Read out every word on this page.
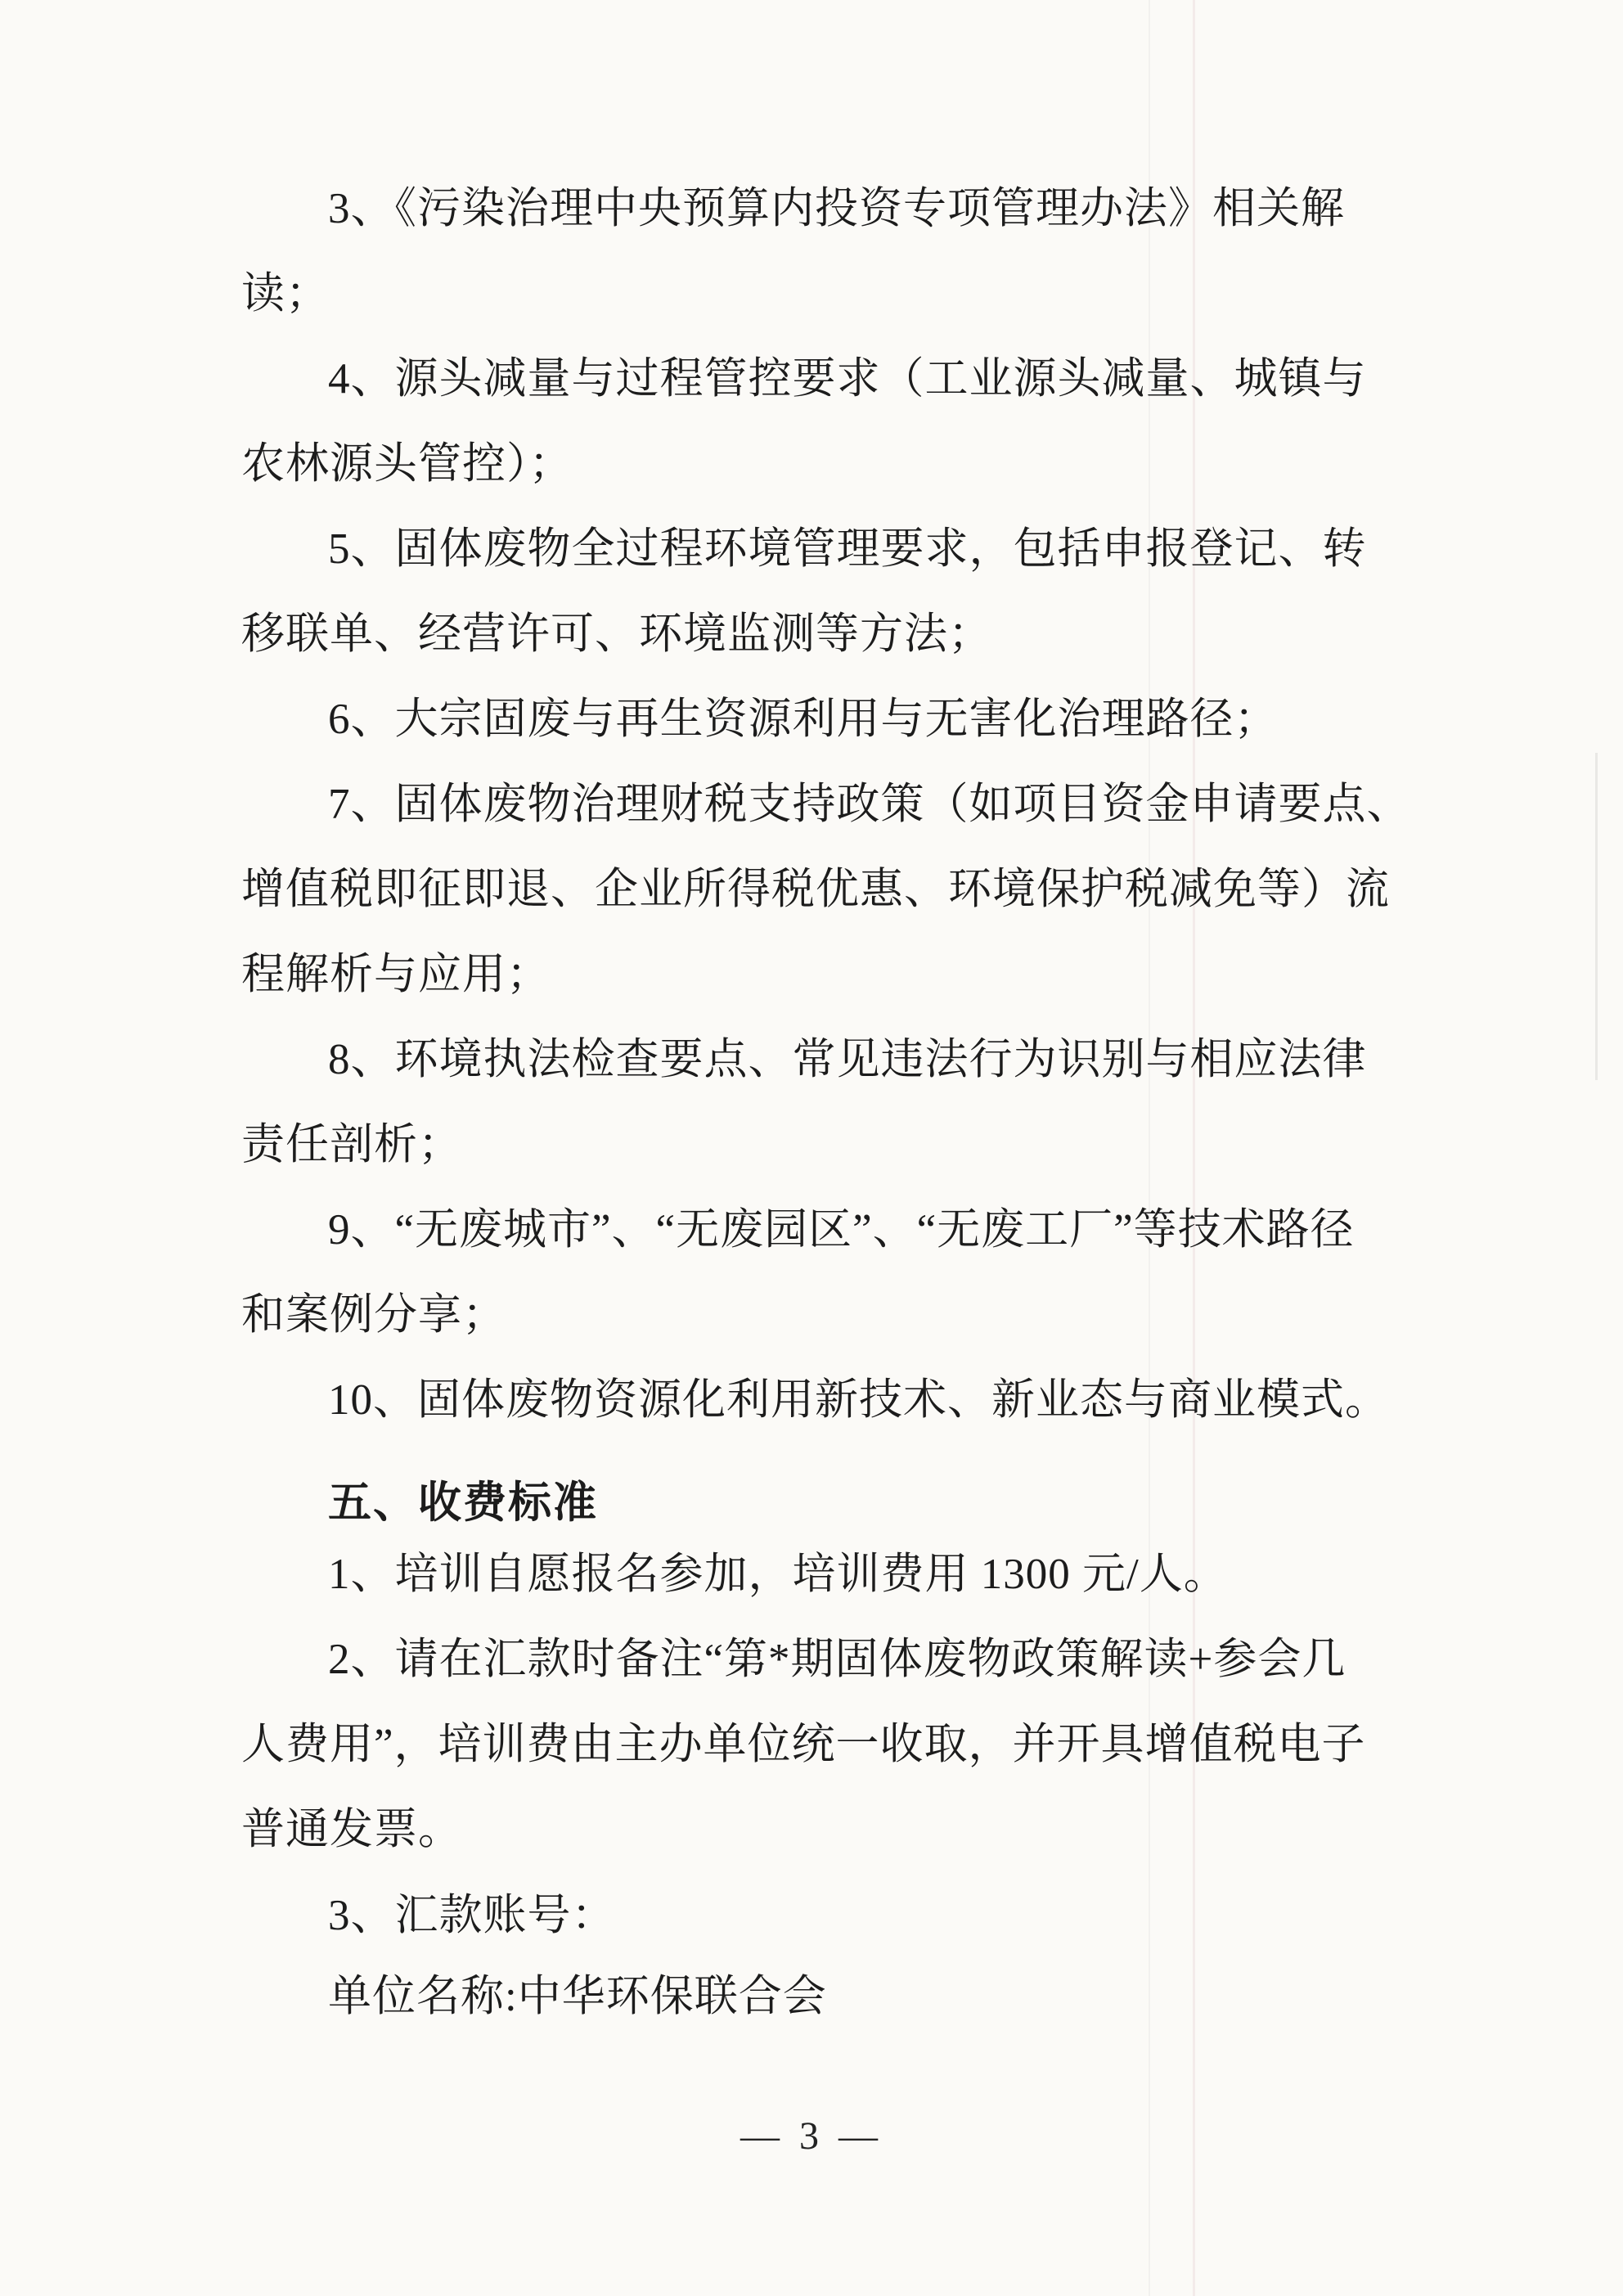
3、《污染治理中央预算内投资专项管理办法》相关解
读；
4、源头减量与过程管控要求（工业源头减量、城镇与
农林源头管控）；
5、固体废物全过程环境管理要求，包括申报登记、转
移联单、经营许可、环境监测等方法；
6、大宗固废与再生资源利用与无害化治理路径；
7、固体废物治理财税支持政策（如项目资金申请要点、
增值税即征即退、企业所得税优惠、环境保护税减免等）流
程解析与应用；
8、环境执法检查要点、常见违法行为识别与相应法律
责任剖析；
9、“无废城市”、“无废园区”、“无废工厂”等技术路径
和案例分享；
10、固体废物资源化利用新技术、新业态与商业模式。
五、收费标准
1、培训自愿报名参加，培训费用 1300 元/人。
2、请在汇款时备注“第*期固体废物政策解读+参会几
人费用”，培训费由主办单位统一收取，并开具增值税电子
普通发票。
3、汇款账号：
单位名称:中华环保联合会
— 3 —
